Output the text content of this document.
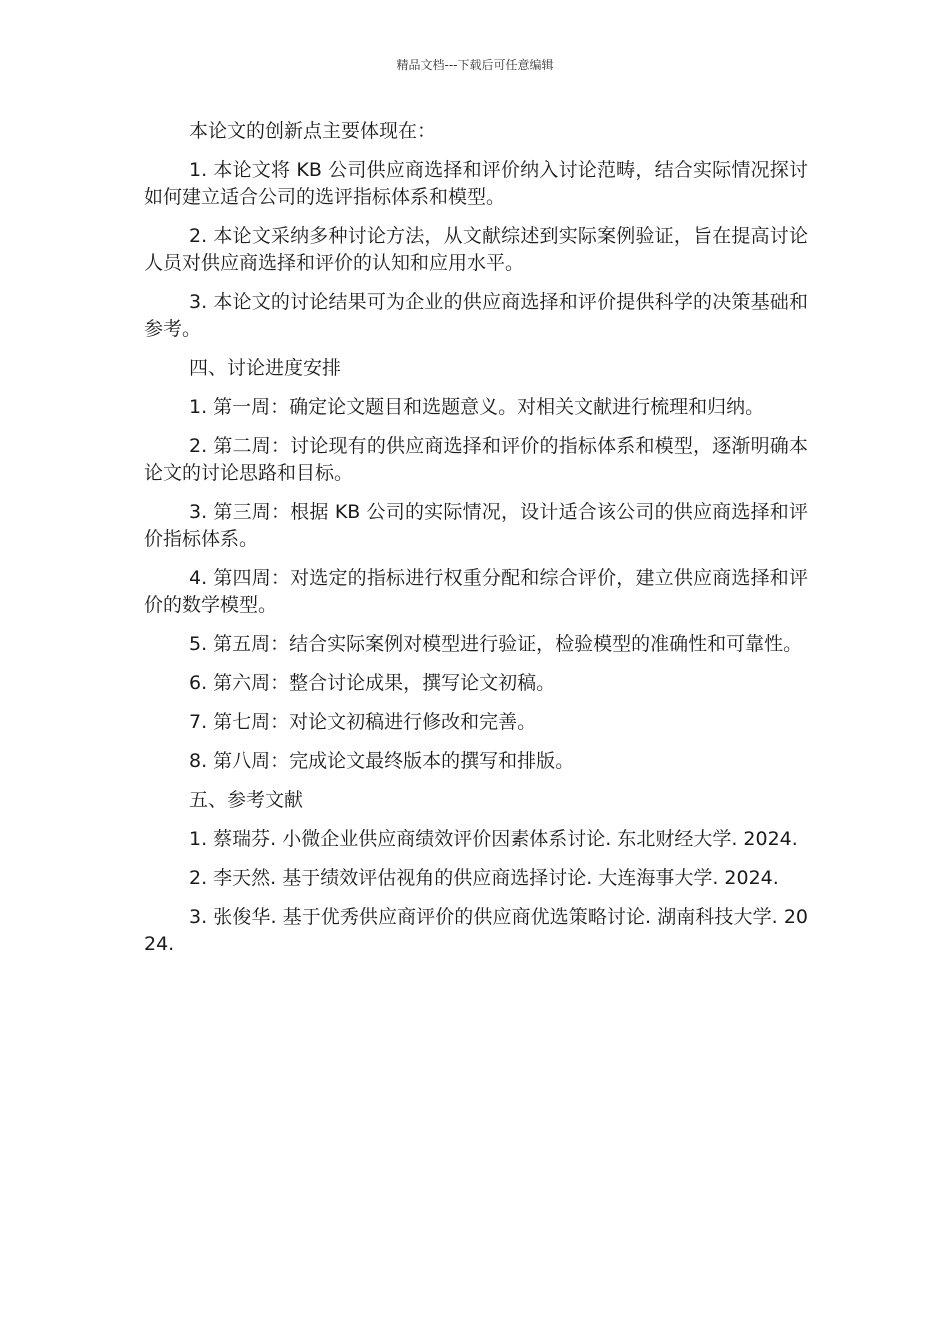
精品文档---下载后可任意编辑

本论文的创新点主要体现在：

1. 本论文将 KB 公司供应商选择和评价纳入讨论范畴，结合实际情况探讨如何建立适合公司的选评指标体系和模型。

2. 本论文采纳多种讨论方法，从文献综述到实际案例验证，旨在提高讨论人员对供应商选择和评价的认知和应用水平。

3. 本论文的讨论结果可为企业的供应商选择和评价提供科学的决策基础和参考。

四、讨论进度安排

1. 第一周：确定论文题目和选题意义。对相关文献进行梳理和归纳。

2. 第二周：讨论现有的供应商选择和评价的指标体系和模型，逐渐明确本论文的讨论思路和目标。

3. 第三周：根据 KB 公司的实际情况，设计适合该公司的供应商选择和评价指标体系。

4. 第四周：对选定的指标进行权重分配和综合评价，建立供应商选择和评价的数学模型。

5. 第五周：结合实际案例对模型进行验证，检验模型的准确性和可靠性。

6. 第六周：整合讨论成果，撰写论文初稿。

7. 第七周：对论文初稿进行修改和完善。

8. 第八周：完成论文最终版本的撰写和排版。

五、参考文献

1. 蔡瑞芬. 小微企业供应商绩效评价因素体系讨论. 东北财经大学. 2024.

2. 李天然. 基于绩效评估视角的供应商选择讨论. 大连海事大学. 2024.

3. 张俊华. 基于优秀供应商评价的供应商优选策略讨论. 湖南科技大学. 2024.
